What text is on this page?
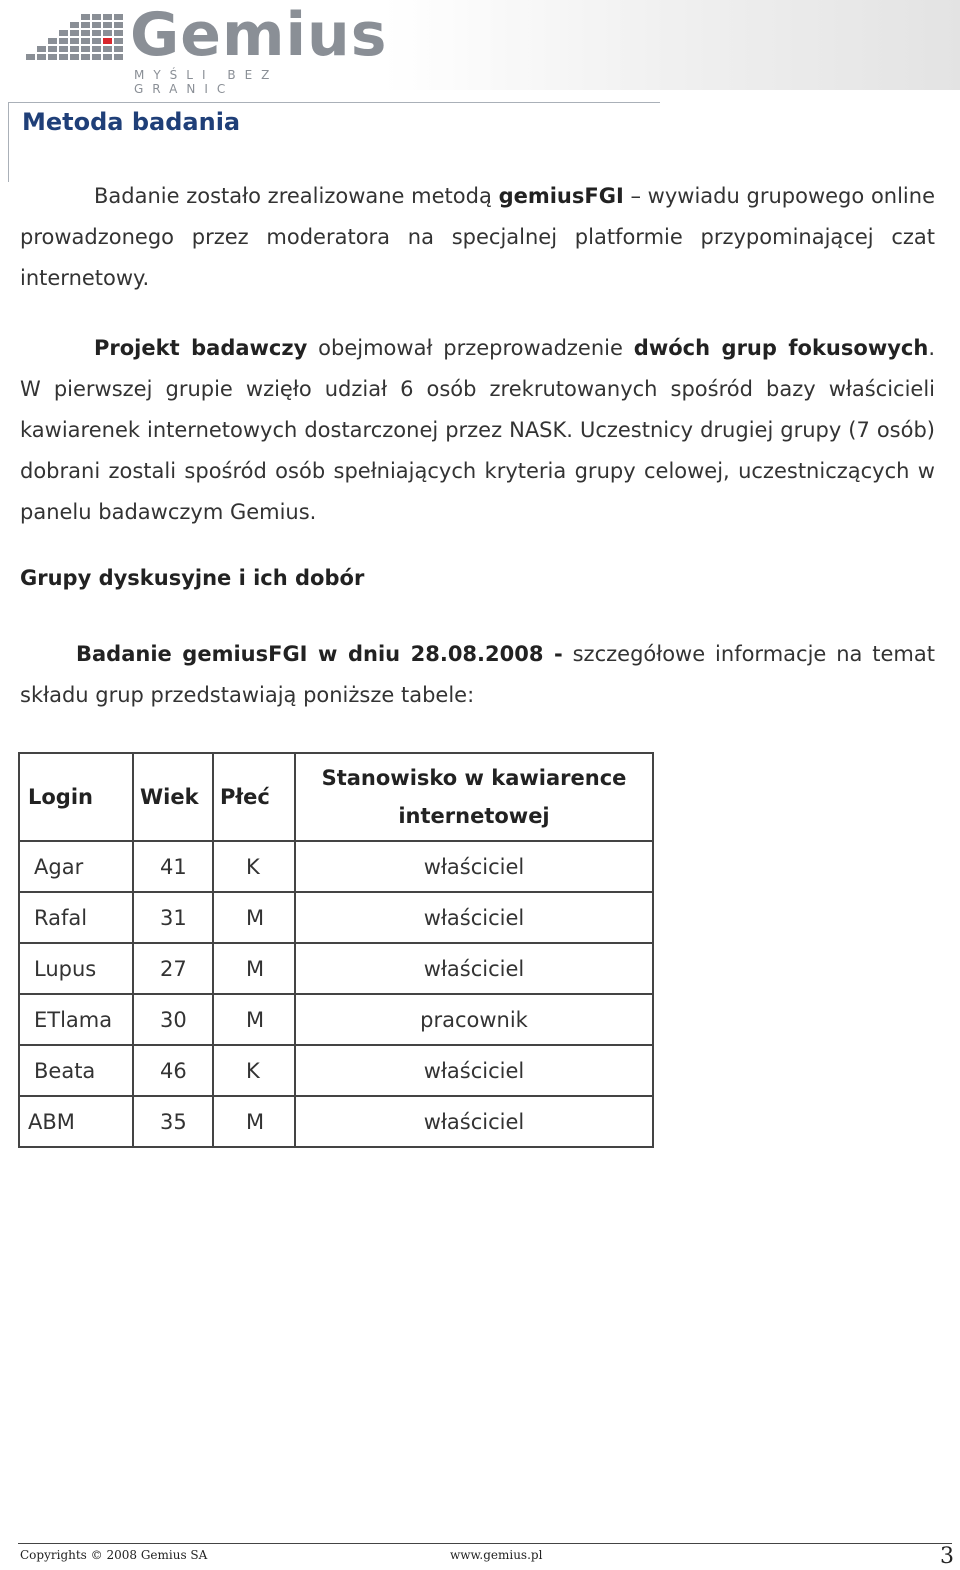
Gemius
MYŚLI BEZ GRANIC
Metoda badania
Badanie zostało zrealizowane metodą gemiusFGI – wywiadu grupowego online prowadzonego przez moderatora na specjalnej platformie przypominającej czat internetowy.
Projekt badawczy obejmował przeprowadzenie dwóch grup fokusowych. W pierwszej grupie wzięło udział 6 osób zrekrutowanych spośród bazy właścicieli kawiarenek internetowych dostarczonej przez NASK. Uczestnicy drugiej grupy (7 osób) dobrani zostali spośród osób spełniających kryteria grupy celowej, uczestniczących w panelu badawczym Gemius.
Grupy dyskusyjne i ich dobór
Badanie gemiusFGI w dniu 28.08.2008 - szczegółowe informacje na temat składu grup przedstawiają poniższe tabele:
Login	Wiek	Płeć	Stanowisko w kawiarence internetowej
Agar	41	K	właściciel
Rafal	31	M	właściciel
Lupus	27	M	właściciel
ETlama	30	M	pracownik
Beata	46	K	właściciel
ABM	35	M	właściciel
Copyrights © 2008 Gemius SA	www.gemius.pl	3
